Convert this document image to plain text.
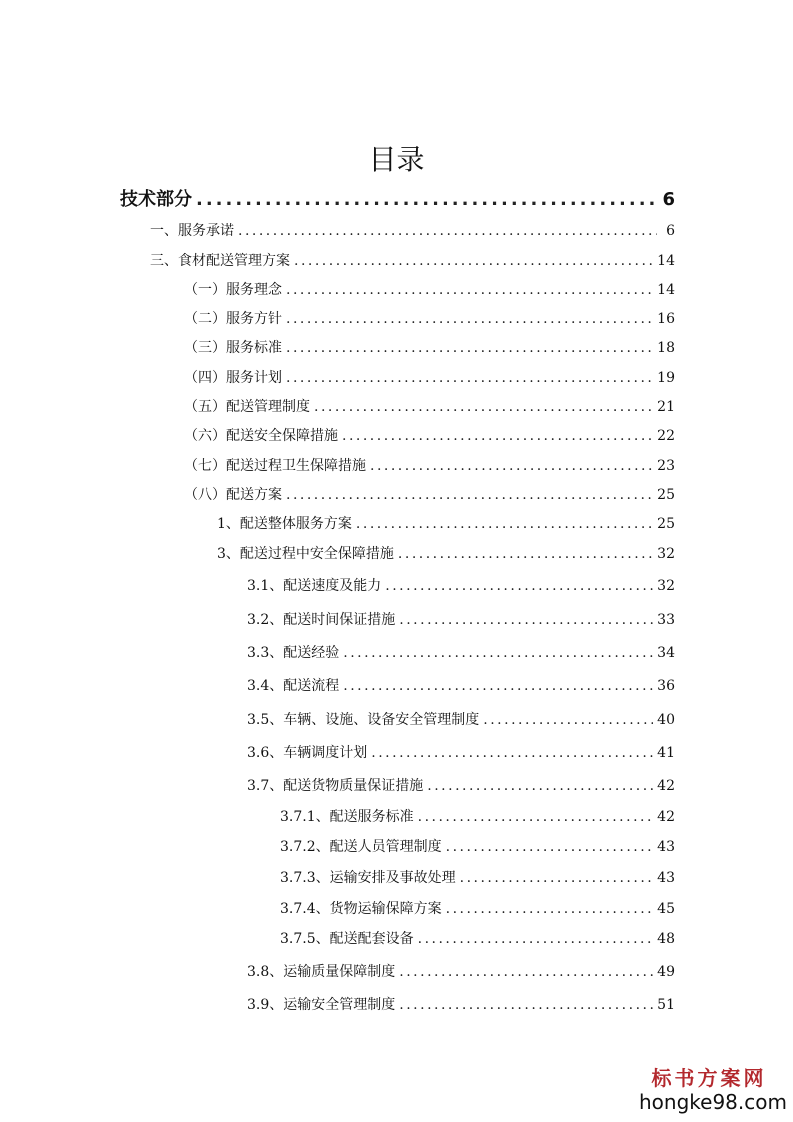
目录
技术部分 .....	6
一、服务承诺 .....	6
三、食材配送管理方案 .....	14
（一）服务理念 .....	14
（二）服务方针 .....	16
（三）服务标准 .....	18
（四）服务计划 .....	19
（五）配送管理制度 .....	21
（六）配送安全保障措施 .....	22
（七）配送过程卫生保障措施 .....	23
（八）配送方案 .....	25
1、配送整体服务方案 .....	25
3、配送过程中安全保障措施 .....	32
3.1、配送速度及能力 .....	32
3.2、配送时间保证措施 .....	33
3.3、配送经验 .....	34
3.4、配送流程 .....	36
3.5、车辆、设施、设备安全管理制度 .....	40
3.6、车辆调度计划 .....	41
3.7、配送货物质量保证措施 .....	42
3.7.1、配送服务标准 .....	42
3.7.2、配送人员管理制度 .....	43
3.7.3、运输安排及事故处理 .....	43
3.7.4、货物运输保障方案 .....	45
3.7.5、配送配套设备 .....	48
3.8、运输质量保障制度 .....	49
3.9、运输安全管理制度 .....	51
标书方案网
hongke98.com
